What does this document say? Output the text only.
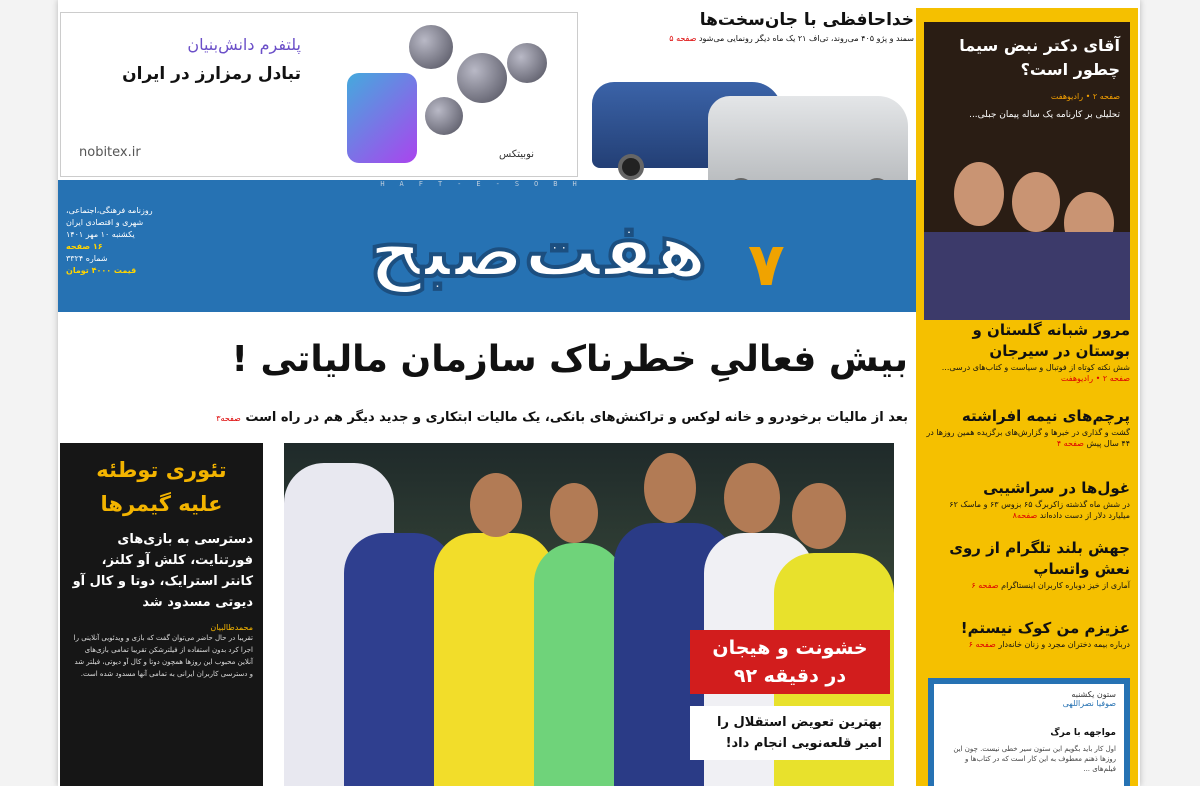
نوبیتکس
پلتفرم دانش‌بنیان
تبادل رمزارز در ایران
nobitex.ir
خداحافظی با جان‌سخت‌ها

سمند و پژو ۴۰۵ می‌روند، تی‌اف ۲۱ یک ماه دیگر رونمایی می‌شود صفحه ۵

HAFT-E-SOBH
هفت‌صبح ۷
روزنامه فرهنگی،اجتماعی،
شهری و اقتصادی ایران
یکشنبه ۱۰ مهر ۱۴۰۱
۱۶ صفحه
شماره ۳۳۲۴
قیمت ۴۰۰۰ تومان
بیش فعالیِ خطرناک سازمان مالیاتی !
بعد از مالیات برخودرو و خانه لوکس و تراکنش‌های بانکی، یک مالیات ابتکاری و جدید دیگر هم در راه است صفحه۳
تئوری توطئه
علیه گیمرها
دسترسی به بازی‌های فورتنایت، کلش آو کلنز، کانتر استرایک، دوتا و کال آو دیوتی مسدود شد
محمدطالبیان
تقریبا در حال حاضر می‌توان گفت که بازی و ویدئویی آنلاینی را اجرا کرد بدون استفاده از فیلترشکن تقریبا تمامی بازی‌های آنلاین محبوب این روزها همچون دوتا و کال آو دیوتی، فیلتر شد و دسترسی کاربران ایرانی به تمامی آنها مسدود شده است.
خشونت و هیجان
در دقیقه ۹۲
بهترین تعویض استقلال را
امیر قلعه‌نویی انجام داد!
آقای دکتر نبض سیما
چطور است؟
صفحه ۲ • رادیوهفت
تحلیلی بر کارنامه یک ساله پیمان جبلی...
مرور شبانه گلستان و بوستان در سیرجان

شش نکته کوتاه از فوتبال و سیاست و کتاب‌های درسی... صفحه ۲ • رادیوهفت

پرچم‌های نیمه افراشته

گشت و گذاری در خبرها و گزارش‌های برگزیده همین روزها در ۴۴ سال پیش صفحه ۴

غول‌ها در سراشیبی

در شش ماه گذشته زاکربرگ ۶۵ بزوس ۶۳ و ماسک ۶۲ میلیارد دلار از دست داده‌اند صفحه۸

جهش بلند تلگرام از روی نعش واتساپ

آماری از خیز دوباره کاربران اینستاگرام صفحه ۶

عزیزم من کوک نیستم!

درباره بیمه دختران مجرد و زنان خانه‌دار صفحه ۶

ستون یکشنبه
صوفیا نصراللهی
مواجهه با مرگ
اول کار باید بگویم این ستون سیر خطی نیست. چون این روزها ذهنم معطوف به این کار است که در کتاب‌ها و فیلم‌های ...
